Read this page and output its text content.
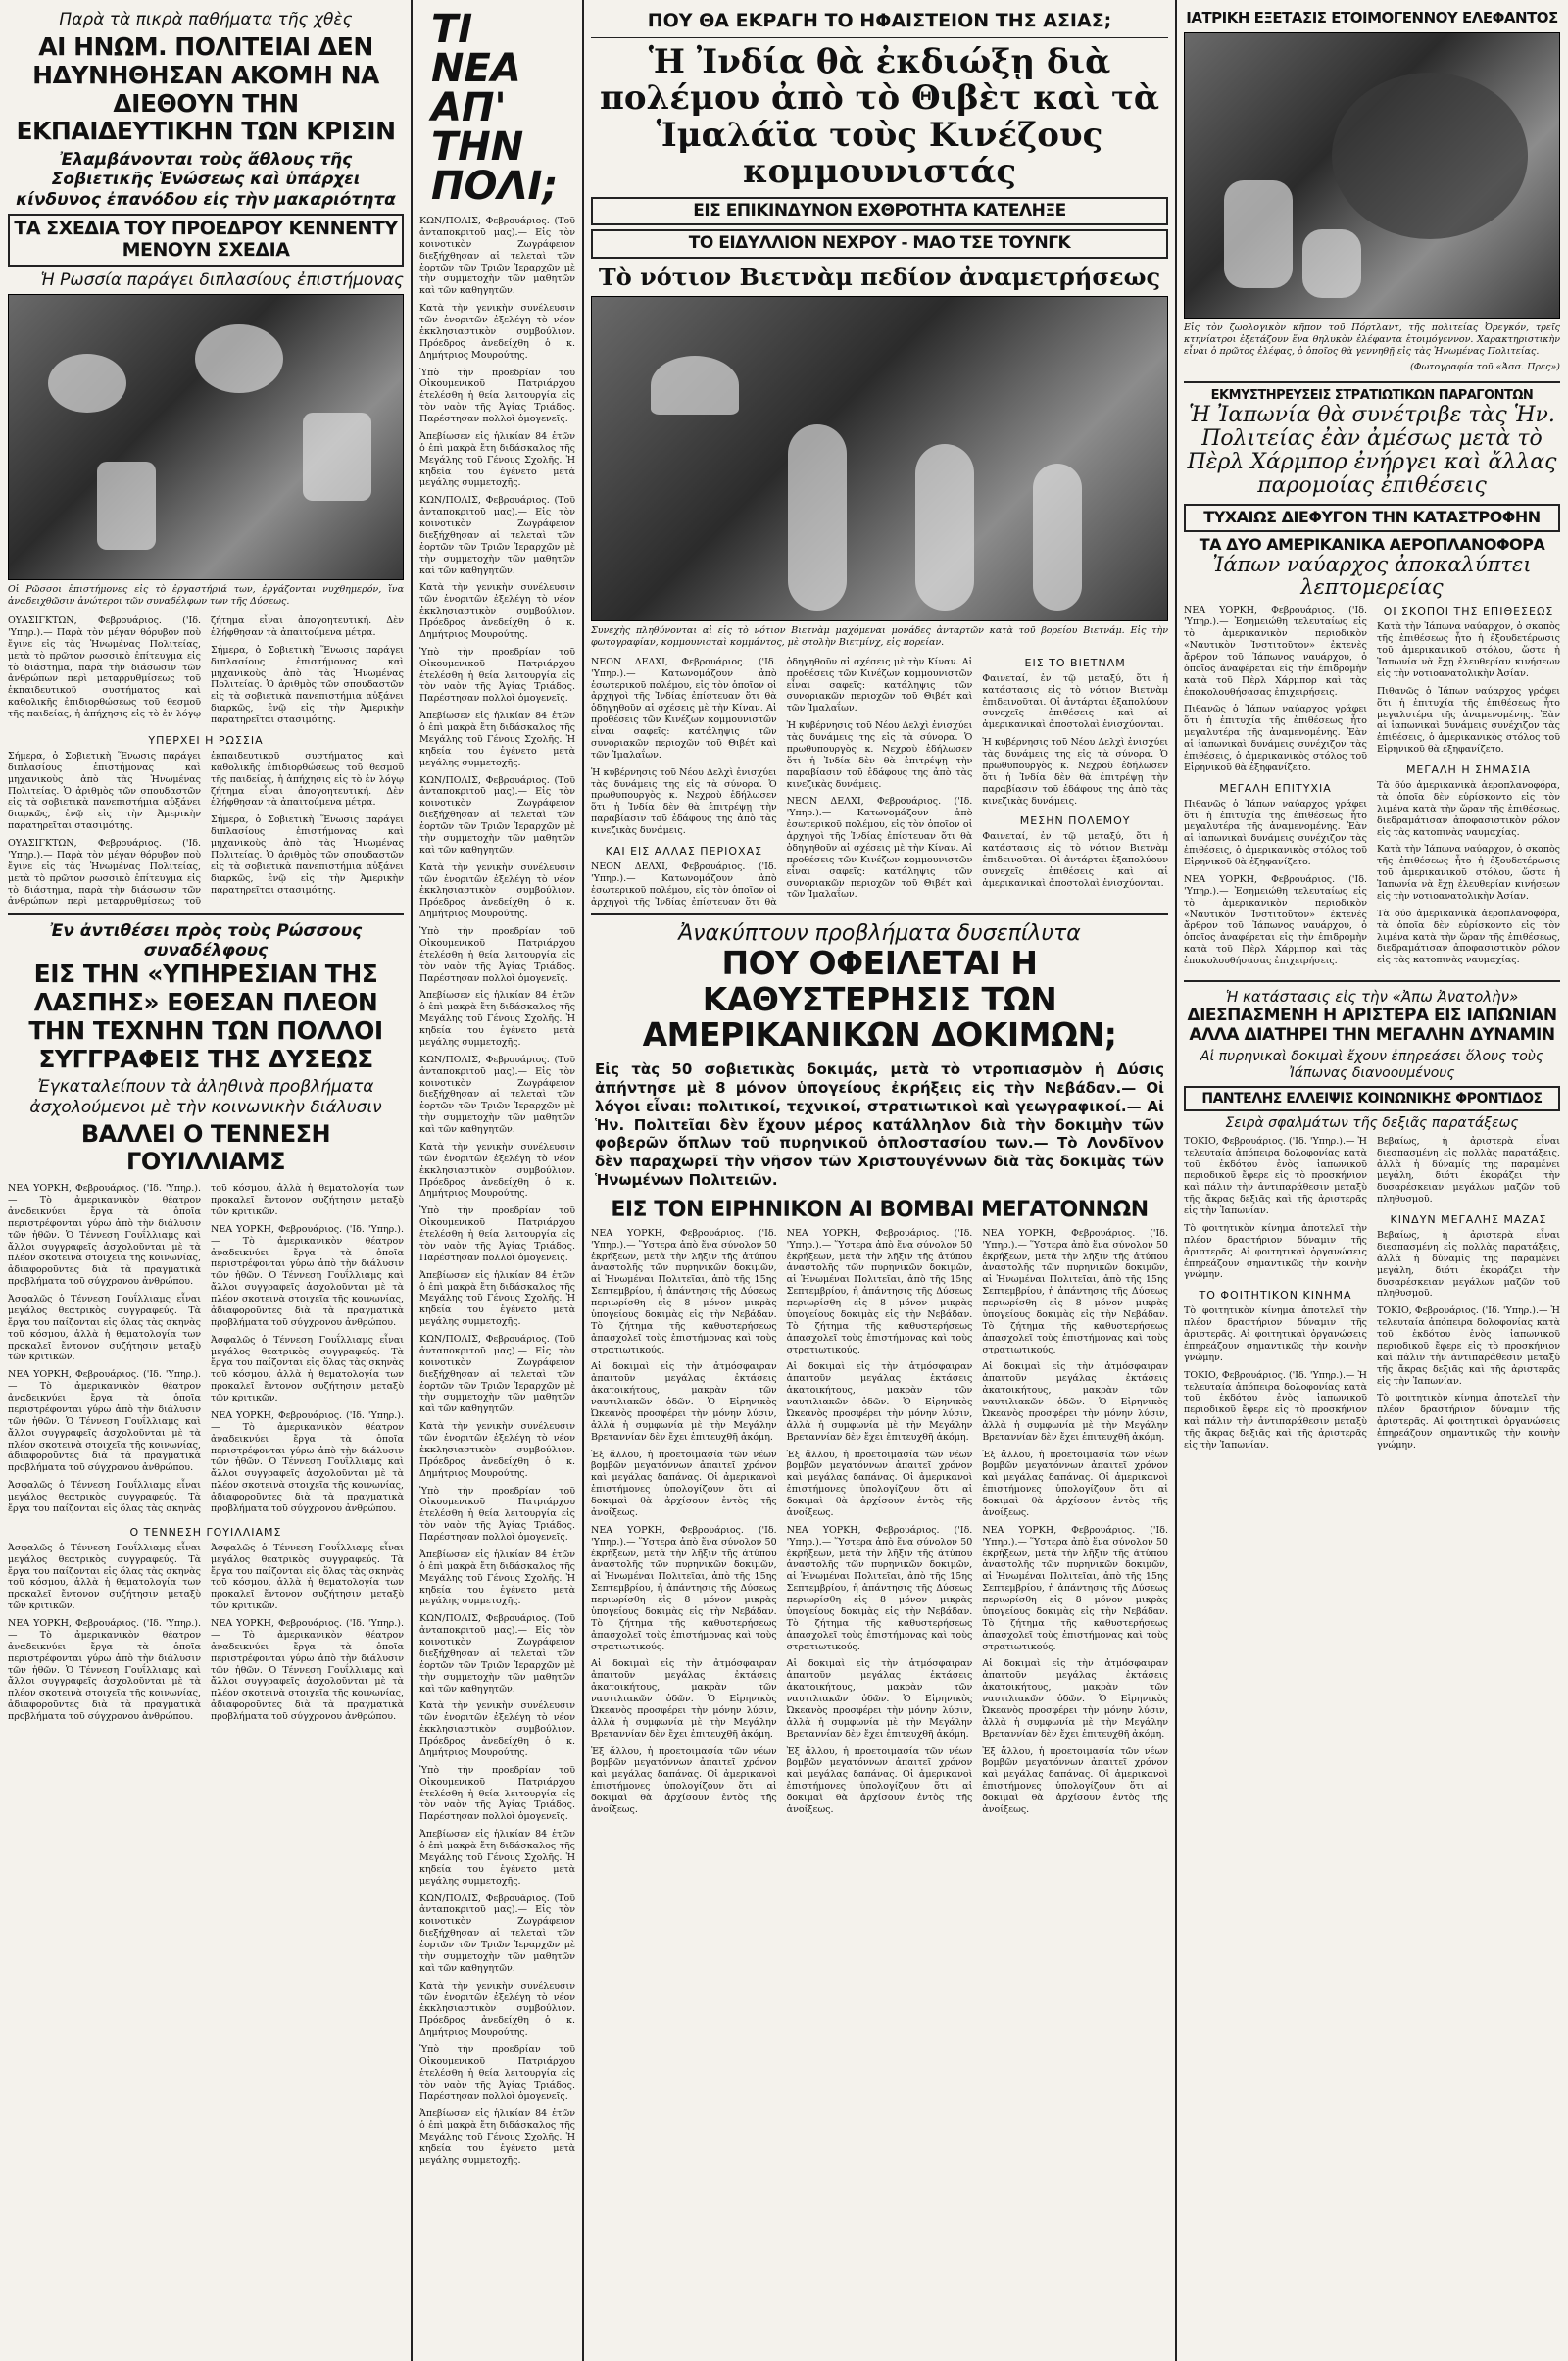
Παρὰ τὰ πικρὰ παθήματα τῆς χθὲς
ΑΙ ΗΝΩΜ. ΠΟΛΙΤΕΙΑΙ ΔΕΝ ΗΔΥΝΗΘΗΣΑΝ ΑΚΟΜΗ ΝΑ ΔΙΕΘΟΥΝ ΤΗΝ ΕΚΠΑΙΔΕΥΤΙΚΗΝ ΤΩΝ ΚΡΙΣΙΝ
Ἐλαμβάνονται τοὺς ἄθλους τῆς Σοβιετικῆς Ἑνώσεως καὶ ὑπάρχει κίνδυνος ἐπανόδου εἰς τὴν μακαριότητα
ΤΑ ΣΧΕΔΙΑ ΤΟΥ ΠΡΟΕΔΡΟΥ ΚΕΝΝΕΝΤΥ ΜΕΝΟΥΝ ΣΧΕΔΙΑ
Ἡ Ρωσσία παράγει διπλασίους ἐπιστήμονας
Οἱ Ρῶσσοι ἐπιστήμονες εἰς τὸ ἐργαστήριά των, ἐργάζονται νυχθημερόν, ἵνα ἀναδειχθῶσιν ἀνώτεροι τῶν συναδέλφων των τῆς Δύσεως.

ΟΥΑΣΙΓΚΤΩΝ, Φεβρουάριος. ('Ιδ. 'Υπηρ.).— Παρὰ τὸν μέγαν θόρυβον ποὺ ἔγινε εἰς τὰς Ἡνωμένας Πολιτείας, μετὰ τὸ πρῶτον ρωσσικὸ ἐπίτευγμα εἰς τὸ διάστημα, παρὰ τὴν διάσωσιν τῶν ἀνθρώπων περὶ μεταρρυθμίσεως τοῦ ἐκπαιδευτικοῦ συστήματος καὶ καθολικῆς ἐπιδιορθώσεως τοῦ θεσμοῦ τῆς παιδείας, ἡ ἀπήχησις εἰς τὸ ἐν λόγῳ ζήτημα εἶναι ἀπογοητευτική. Δὲν ἐλήφθησαν τὰ ἀπαιτούμενα μέτρα.

Σήμερα, ὁ Σοβιετικὴ Ἕνωσις παράγει διπλασίους ἐπιστήμονας καὶ μηχανικοὺς ἀπὸ τὰς Ἡνωμένας Πολιτείας. Ὁ ἀριθμὸς τῶν σπουδαστῶν εἰς τὰ σοβιετικὰ πανεπιστήμια αὐξάνει διαρκῶς, ἐνῷ εἰς τὴν Ἀμερικὴν παρατηρεῖται στασιμότης.

ΥΠΕΡΧΕΙ Η ΡΩΣΣΙΑ

Σήμερα, ὁ Σοβιετικὴ Ἕνωσις παράγει διπλασίους ἐπιστήμονας καὶ μηχανικοὺς ἀπὸ τὰς Ἡνωμένας Πολιτείας. Ὁ ἀριθμὸς τῶν σπουδαστῶν εἰς τὰ σοβιετικὰ πανεπιστήμια αὐξάνει διαρκῶς, ἐνῷ εἰς τὴν Ἀμερικὴν παρατηρεῖται στασιμότης.

ΟΥΑΣΙΓΚΤΩΝ, Φεβρουάριος. ('Ιδ. 'Υπηρ.).— Παρὰ τὸν μέγαν θόρυβον ποὺ ἔγινε εἰς τὰς Ἡνωμένας Πολιτείας, μετὰ τὸ πρῶτον ρωσσικὸ ἐπίτευγμα εἰς τὸ διάστημα, παρὰ τὴν διάσωσιν τῶν ἀνθρώπων περὶ μεταρρυθμίσεως τοῦ ἐκπαιδευτικοῦ συστήματος καὶ καθολικῆς ἐπιδιορθώσεως τοῦ θεσμοῦ τῆς παιδείας, ἡ ἀπήχησις εἰς τὸ ἐν λόγῳ ζήτημα εἶναι ἀπογοητευτική. Δὲν ἐλήφθησαν τὰ ἀπαιτούμενα μέτρα.

Σήμερα, ὁ Σοβιετικὴ Ἕνωσις παράγει διπλασίους ἐπιστήμονας καὶ μηχανικοὺς ἀπὸ τὰς Ἡνωμένας Πολιτείας. Ὁ ἀριθμὸς τῶν σπουδαστῶν εἰς τὰ σοβιετικὰ πανεπιστήμια αὐξάνει διαρκῶς, ἐνῷ εἰς τὴν Ἀμερικὴν παρατηρεῖται στασιμότης.

Ἐν ἀντιθέσει πρὸς τοὺς Ρώσσους συναδέλφους
ΕΙΣ ΤΗΝ «ΥΠΗΡΕΣΙΑΝ ΤΗΣ ΛΑΣΠΗΣ» ΕΘΕΣΑΝ ΠΛΕΟΝ ΤΗΝ ΤΕΧΝΗΝ ΤΩΝ ΠΟΛΛΟΙ ΣΥΓΓΡΑΦΕΙΣ ΤΗΣ ΔΥΣΕΩΣ
Ἐγκαταλείπουν τὰ ἀληθινὰ προβλήματα ἀσχολούμενοι μὲ τὴν κοινωνικὴν διάλυσιν
ΒΑΛΛΕΙ Ο ΤΕΝΝΕΣΗ ΓΟΥΙΛΛΙΑΜΣ

ΝΕΑ ΥΟΡΚΗ, Φεβρουάριος. ('Ιδ. 'Υπηρ.).— Τὸ ἀμερικανικὸν θέατρον ἀναδεικνύει ἔργα τὰ ὁποῖα περιστρέφονται γύρω ἀπὸ τὴν διάλυσιν τῶν ἠθῶν. Ὁ Τέννεση Γουΐλλιαμς καὶ ἄλλοι συγγραφεῖς ἀσχολοῦνται μὲ τὰ πλέον σκοτεινὰ στοιχεῖα τῆς κοινωνίας, ἀδιαφοροῦντες διὰ τὰ πραγματικὰ προβλήματα τοῦ σύγχρονου ἀνθρώπου.

Ἀσφαλῶς ὁ Τέννεση Γουΐλλιαμς εἶναι μεγάλος θεατρικὸς συγγραφεύς. Τὰ ἔργα του παίζονται εἰς ὅλας τὰς σκηνὰς τοῦ κόσμου, ἀλλὰ ἡ θεματολογία των προκαλεῖ ἔντονον συζήτησιν μεταξὺ τῶν κριτικῶν.

ΝΕΑ ΥΟΡΚΗ, Φεβρουάριος. ('Ιδ. 'Υπηρ.).— Τὸ ἀμερικανικὸν θέατρον ἀναδεικνύει ἔργα τὰ ὁποῖα περιστρέφονται γύρω ἀπὸ τὴν διάλυσιν τῶν ἠθῶν. Ὁ Τέννεση Γουΐλλιαμς καὶ ἄλλοι συγγραφεῖς ἀσχολοῦνται μὲ τὰ πλέον σκοτεινὰ στοιχεῖα τῆς κοινωνίας, ἀδιαφοροῦντες διὰ τὰ πραγματικὰ προβλήματα τοῦ σύγχρονου ἀνθρώπου.

Ἀσφαλῶς ὁ Τέννεση Γουΐλλιαμς εἶναι μεγάλος θεατρικὸς συγγραφεύς. Τὰ ἔργα του παίζονται εἰς ὅλας τὰς σκηνὰς τοῦ κόσμου, ἀλλὰ ἡ θεματολογία των προκαλεῖ ἔντονον συζήτησιν μεταξὺ τῶν κριτικῶν.

ΝΕΑ ΥΟΡΚΗ, Φεβρουάριος. ('Ιδ. 'Υπηρ.).— Τὸ ἀμερικανικὸν θέατρον ἀναδεικνύει ἔργα τὰ ὁποῖα περιστρέφονται γύρω ἀπὸ τὴν διάλυσιν τῶν ἠθῶν. Ὁ Τέννεση Γουΐλλιαμς καὶ ἄλλοι συγγραφεῖς ἀσχολοῦνται μὲ τὰ πλέον σκοτεινὰ στοιχεῖα τῆς κοινωνίας, ἀδιαφοροῦντες διὰ τὰ πραγματικὰ προβλήματα τοῦ σύγχρονου ἀνθρώπου.

Ἀσφαλῶς ὁ Τέννεση Γουΐλλιαμς εἶναι μεγάλος θεατρικὸς συγγραφεύς. Τὰ ἔργα του παίζονται εἰς ὅλας τὰς σκηνὰς τοῦ κόσμου, ἀλλὰ ἡ θεματολογία των προκαλεῖ ἔντονον συζήτησιν μεταξὺ τῶν κριτικῶν.

ΝΕΑ ΥΟΡΚΗ, Φεβρουάριος. ('Ιδ. 'Υπηρ.).— Τὸ ἀμερικανικὸν θέατρον ἀναδεικνύει ἔργα τὰ ὁποῖα περιστρέφονται γύρω ἀπὸ τὴν διάλυσιν τῶν ἠθῶν. Ὁ Τέννεση Γουΐλλιαμς καὶ ἄλλοι συγγραφεῖς ἀσχολοῦνται μὲ τὰ πλέον σκοτεινὰ στοιχεῖα τῆς κοινωνίας, ἀδιαφοροῦντες διὰ τὰ πραγματικὰ προβλήματα τοῦ σύγχρονου ἀνθρώπου.

Ο ΤΕΝΝΕΣΗ ΓΟΥΙΛΛΙΑΜΣ

Ἀσφαλῶς ὁ Τέννεση Γουΐλλιαμς εἶναι μεγάλος θεατρικὸς συγγραφεύς. Τὰ ἔργα του παίζονται εἰς ὅλας τὰς σκηνὰς τοῦ κόσμου, ἀλλὰ ἡ θεματολογία των προκαλεῖ ἔντονον συζήτησιν μεταξὺ τῶν κριτικῶν.

ΝΕΑ ΥΟΡΚΗ, Φεβρουάριος. ('Ιδ. 'Υπηρ.).— Τὸ ἀμερικανικὸν θέατρον ἀναδεικνύει ἔργα τὰ ὁποῖα περιστρέφονται γύρω ἀπὸ τὴν διάλυσιν τῶν ἠθῶν. Ὁ Τέννεση Γουΐλλιαμς καὶ ἄλλοι συγγραφεῖς ἀσχολοῦνται μὲ τὰ πλέον σκοτεινὰ στοιχεῖα τῆς κοινωνίας, ἀδιαφοροῦντες διὰ τὰ πραγματικὰ προβλήματα τοῦ σύγχρονου ἀνθρώπου.

Ἀσφαλῶς ὁ Τέννεση Γουΐλλιαμς εἶναι μεγάλος θεατρικὸς συγγραφεύς. Τὰ ἔργα του παίζονται εἰς ὅλας τὰς σκηνὰς τοῦ κόσμου, ἀλλὰ ἡ θεματολογία των προκαλεῖ ἔντονον συζήτησιν μεταξὺ τῶν κριτικῶν.

ΝΕΑ ΥΟΡΚΗ, Φεβρουάριος. ('Ιδ. 'Υπηρ.).— Τὸ ἀμερικανικὸν θέατρον ἀναδεικνύει ἔργα τὰ ὁποῖα περιστρέφονται γύρω ἀπὸ τὴν διάλυσιν τῶν ἠθῶν. Ὁ Τέννεση Γουΐλλιαμς καὶ ἄλλοι συγγραφεῖς ἀσχολοῦνται μὲ τὰ πλέον σκοτεινὰ στοιχεῖα τῆς κοινωνίας, ἀδιαφοροῦντες διὰ τὰ πραγματικὰ προβλήματα τοῦ σύγχρονου ἀνθρώπου.

ΤΙ ΝΕΑ ΑΠ' ΤΗΝ ΠΟΛΙ;

ΚΩΝ/ΠΟΛΙΣ, Φεβρουάριος. (Τοῦ ἀνταποκριτοῦ μας).— Εἰς τὸν κοινοτικὸν Ζωγράφειον διεξήχθησαν αἱ τελεταὶ τῶν ἑορτῶν τῶν Τριῶν Ἱεραρχῶν μὲ τὴν συμμετοχὴν τῶν μαθητῶν καὶ τῶν καθηγητῶν.

Κατὰ τὴν γενικὴν συνέλευσιν τῶν ἑνοριτῶν ἐξελέγη τὸ νέον ἐκκλησιαστικὸν συμβούλιον. Πρόεδρος ἀνεδείχθη ὁ κ. Δημήτριος Μουρούτης.

Ὑπὸ τὴν προεδρίαν τοῦ Οἰκουμενικοῦ Πατριάρχου ἐτελέσθη ἡ θεία λειτουργία εἰς τὸν ναὸν τῆς Ἁγίας Τριάδος. Παρέστησαν πολλοὶ ὁμογενεῖς.

Ἀπεβίωσεν εἰς ἡλικίαν 84 ἐτῶν ὁ ἐπὶ μακρὰ ἔτη διδάσκαλος τῆς Μεγάλης τοῦ Γένους Σχολῆς. Ἡ κηδεία του ἐγένετο μετὰ μεγάλης συμμετοχῆς.

ΚΩΝ/ΠΟΛΙΣ, Φεβρουάριος. (Τοῦ ἀνταποκριτοῦ μας).— Εἰς τὸν κοινοτικὸν Ζωγράφειον διεξήχθησαν αἱ τελεταὶ τῶν ἑορτῶν τῶν Τριῶν Ἱεραρχῶν μὲ τὴν συμμετοχὴν τῶν μαθητῶν καὶ τῶν καθηγητῶν.

Κατὰ τὴν γενικὴν συνέλευσιν τῶν ἑνοριτῶν ἐξελέγη τὸ νέον ἐκκλησιαστικὸν συμβούλιον. Πρόεδρος ἀνεδείχθη ὁ κ. Δημήτριος Μουρούτης.

Ὑπὸ τὴν προεδρίαν τοῦ Οἰκουμενικοῦ Πατριάρχου ἐτελέσθη ἡ θεία λειτουργία εἰς τὸν ναὸν τῆς Ἁγίας Τριάδος. Παρέστησαν πολλοὶ ὁμογενεῖς.

Ἀπεβίωσεν εἰς ἡλικίαν 84 ἐτῶν ὁ ἐπὶ μακρὰ ἔτη διδάσκαλος τῆς Μεγάλης τοῦ Γένους Σχολῆς. Ἡ κηδεία του ἐγένετο μετὰ μεγάλης συμμετοχῆς.

ΚΩΝ/ΠΟΛΙΣ, Φεβρουάριος. (Τοῦ ἀνταποκριτοῦ μας).— Εἰς τὸν κοινοτικὸν Ζωγράφειον διεξήχθησαν αἱ τελεταὶ τῶν ἑορτῶν τῶν Τριῶν Ἱεραρχῶν μὲ τὴν συμμετοχὴν τῶν μαθητῶν καὶ τῶν καθηγητῶν.

Κατὰ τὴν γενικὴν συνέλευσιν τῶν ἑνοριτῶν ἐξελέγη τὸ νέον ἐκκλησιαστικὸν συμβούλιον. Πρόεδρος ἀνεδείχθη ὁ κ. Δημήτριος Μουρούτης.

Ὑπὸ τὴν προεδρίαν τοῦ Οἰκουμενικοῦ Πατριάρχου ἐτελέσθη ἡ θεία λειτουργία εἰς τὸν ναὸν τῆς Ἁγίας Τριάδος. Παρέστησαν πολλοὶ ὁμογενεῖς.

Ἀπεβίωσεν εἰς ἡλικίαν 84 ἐτῶν ὁ ἐπὶ μακρὰ ἔτη διδάσκαλος τῆς Μεγάλης τοῦ Γένους Σχολῆς. Ἡ κηδεία του ἐγένετο μετὰ μεγάλης συμμετοχῆς.

ΚΩΝ/ΠΟΛΙΣ, Φεβρουάριος. (Τοῦ ἀνταποκριτοῦ μας).— Εἰς τὸν κοινοτικὸν Ζωγράφειον διεξήχθησαν αἱ τελεταὶ τῶν ἑορτῶν τῶν Τριῶν Ἱεραρχῶν μὲ τὴν συμμετοχὴν τῶν μαθητῶν καὶ τῶν καθηγητῶν.

Κατὰ τὴν γενικὴν συνέλευσιν τῶν ἑνοριτῶν ἐξελέγη τὸ νέον ἐκκλησιαστικὸν συμβούλιον. Πρόεδρος ἀνεδείχθη ὁ κ. Δημήτριος Μουρούτης.

Ὑπὸ τὴν προεδρίαν τοῦ Οἰκουμενικοῦ Πατριάρχου ἐτελέσθη ἡ θεία λειτουργία εἰς τὸν ναὸν τῆς Ἁγίας Τριάδος. Παρέστησαν πολλοὶ ὁμογενεῖς.

Ἀπεβίωσεν εἰς ἡλικίαν 84 ἐτῶν ὁ ἐπὶ μακρὰ ἔτη διδάσκαλος τῆς Μεγάλης τοῦ Γένους Σχολῆς. Ἡ κηδεία του ἐγένετο μετὰ μεγάλης συμμετοχῆς.

ΚΩΝ/ΠΟΛΙΣ, Φεβρουάριος. (Τοῦ ἀνταποκριτοῦ μας).— Εἰς τὸν κοινοτικὸν Ζωγράφειον διεξήχθησαν αἱ τελεταὶ τῶν ἑορτῶν τῶν Τριῶν Ἱεραρχῶν μὲ τὴν συμμετοχὴν τῶν μαθητῶν καὶ τῶν καθηγητῶν.

Κατὰ τὴν γενικὴν συνέλευσιν τῶν ἑνοριτῶν ἐξελέγη τὸ νέον ἐκκλησιαστικὸν συμβούλιον. Πρόεδρος ἀνεδείχθη ὁ κ. Δημήτριος Μουρούτης.

Ὑπὸ τὴν προεδρίαν τοῦ Οἰκουμενικοῦ Πατριάρχου ἐτελέσθη ἡ θεία λειτουργία εἰς τὸν ναὸν τῆς Ἁγίας Τριάδος. Παρέστησαν πολλοὶ ὁμογενεῖς.

Ἀπεβίωσεν εἰς ἡλικίαν 84 ἐτῶν ὁ ἐπὶ μακρὰ ἔτη διδάσκαλος τῆς Μεγάλης τοῦ Γένους Σχολῆς. Ἡ κηδεία του ἐγένετο μετὰ μεγάλης συμμετοχῆς.

ΚΩΝ/ΠΟΛΙΣ, Φεβρουάριος. (Τοῦ ἀνταποκριτοῦ μας).— Εἰς τὸν κοινοτικὸν Ζωγράφειον διεξήχθησαν αἱ τελεταὶ τῶν ἑορτῶν τῶν Τριῶν Ἱεραρχῶν μὲ τὴν συμμετοχὴν τῶν μαθητῶν καὶ τῶν καθηγητῶν.

Κατὰ τὴν γενικὴν συνέλευσιν τῶν ἑνοριτῶν ἐξελέγη τὸ νέον ἐκκλησιαστικὸν συμβούλιον. Πρόεδρος ἀνεδείχθη ὁ κ. Δημήτριος Μουρούτης.

Ὑπὸ τὴν προεδρίαν τοῦ Οἰκουμενικοῦ Πατριάρχου ἐτελέσθη ἡ θεία λειτουργία εἰς τὸν ναὸν τῆς Ἁγίας Τριάδος. Παρέστησαν πολλοὶ ὁμογενεῖς.

Ἀπεβίωσεν εἰς ἡλικίαν 84 ἐτῶν ὁ ἐπὶ μακρὰ ἔτη διδάσκαλος τῆς Μεγάλης τοῦ Γένους Σχολῆς. Ἡ κηδεία του ἐγένετο μετὰ μεγάλης συμμετοχῆς.

ΚΩΝ/ΠΟΛΙΣ, Φεβρουάριος. (Τοῦ ἀνταποκριτοῦ μας).— Εἰς τὸν κοινοτικὸν Ζωγράφειον διεξήχθησαν αἱ τελεταὶ τῶν ἑορτῶν τῶν Τριῶν Ἱεραρχῶν μὲ τὴν συμμετοχὴν τῶν μαθητῶν καὶ τῶν καθηγητῶν.

Κατὰ τὴν γενικὴν συνέλευσιν τῶν ἑνοριτῶν ἐξελέγη τὸ νέον ἐκκλησιαστικὸν συμβούλιον. Πρόεδρος ἀνεδείχθη ὁ κ. Δημήτριος Μουρούτης.

Ὑπὸ τὴν προεδρίαν τοῦ Οἰκουμενικοῦ Πατριάρχου ἐτελέσθη ἡ θεία λειτουργία εἰς τὸν ναὸν τῆς Ἁγίας Τριάδος. Παρέστησαν πολλοὶ ὁμογενεῖς.

Ἀπεβίωσεν εἰς ἡλικίαν 84 ἐτῶν ὁ ἐπὶ μακρὰ ἔτη διδάσκαλος τῆς Μεγάλης τοῦ Γένους Σχολῆς. Ἡ κηδεία του ἐγένετο μετὰ μεγάλης συμμετοχῆς.

ΠΟΥ ΘΑ ΕΚΡΑΓΗ ΤΟ ΗΦΑΙΣΤΕΙΟΝ ΤΗΣ ΑΣΙΑΣ;
Ἡ Ἰνδία θὰ ἐκδιώξῃ διὰ πολέμου ἀπὸ τὸ Θιβὲτ καὶ τὰ Ἱμαλάϊα τοὺς Κινέζους κομμουνιστάς
ΕΙΣ ΕΠΙΚΙΝΔΥΝΟΝ ΕΧΘΡΟΤΗΤΑ ΚΑΤΕΛΗΞΕ
ΤΟ ΕΙΔΥΛΛΙΟΝ ΝΕΧΡΟΥ - ΜΑΟ ΤΣΕ ΤΟΥΝΓΚ
Τὸ νότιον Βιετνὰμ πεδίον ἀναμετρήσεως
Συνεχὴς πληθύνονται αἱ εἰς τὸ νότιον Βιετνὰμ μαχόμεναι μονάδες ἀνταρτῶν κατὰ τοῦ βορείου Βιετνάμ. Εἰς τὴν φωτογραφίαν, κομμουνισταὶ κομμάντος, μὲ στολὴν Βιετμίνχ, εἰς πορείαν.

ΝΕΟΝ ΔΕΛΧΙ, Φεβρουάριος. ('Ιδ. 'Υπηρ.).— Κατωνομάζουν ἀπὸ ἐσωτερικοῦ πολέμου, εἰς τὸν ὁποῖον οἱ ἀρχηγοὶ τῆς Ἰνδίας ἐπίστευαν ὅτι θὰ ὁδηγηθοῦν αἱ σχέσεις μὲ τὴν Κίναν. Αἱ προθέσεις τῶν Κινέζων κομμουνιστῶν εἶναι σαφεῖς: κατάληψις τῶν συνοριακῶν περιοχῶν τοῦ Θιβέτ καὶ τῶν Ἱμαλαΐων.

Ἡ κυβέρνησις τοῦ Νέου Δελχὶ ἐνισχύει τὰς δυνάμεις της εἰς τὰ σύνορα. Ὁ πρωθυπουργὸς κ. Νεχροὺ ἐδήλωσεν ὅτι ἡ Ἰνδία δὲν θὰ ἐπιτρέψῃ τὴν παραβίασιν τοῦ ἐδάφους της ἀπὸ τὰς κινεζικὰς δυνάμεις.

ΚΑΙ ΕΙΣ ΑΛΛΑΣ ΠΕΡΙΟΧΑΣ

ΝΕΟΝ ΔΕΛΧΙ, Φεβρουάριος. ('Ιδ. 'Υπηρ.).— Κατωνομάζουν ἀπὸ ἐσωτερικοῦ πολέμου, εἰς τὸν ὁποῖον οἱ ἀρχηγοὶ τῆς Ἰνδίας ἐπίστευαν ὅτι θὰ ὁδηγηθοῦν αἱ σχέσεις μὲ τὴν Κίναν. Αἱ προθέσεις τῶν Κινέζων κομμουνιστῶν εἶναι σαφεῖς: κατάληψις τῶν συνοριακῶν περιοχῶν τοῦ Θιβέτ καὶ τῶν Ἱμαλαΐων.

Ἡ κυβέρνησις τοῦ Νέου Δελχὶ ἐνισχύει τὰς δυνάμεις της εἰς τὰ σύνορα. Ὁ πρωθυπουργὸς κ. Νεχροὺ ἐδήλωσεν ὅτι ἡ Ἰνδία δὲν θὰ ἐπιτρέψῃ τὴν παραβίασιν τοῦ ἐδάφους της ἀπὸ τὰς κινεζικὰς δυνάμεις.

ΝΕΟΝ ΔΕΛΧΙ, Φεβρουάριος. ('Ιδ. 'Υπηρ.).— Κατωνομάζουν ἀπὸ ἐσωτερικοῦ πολέμου, εἰς τὸν ὁποῖον οἱ ἀρχηγοὶ τῆς Ἰνδίας ἐπίστευαν ὅτι θὰ ὁδηγηθοῦν αἱ σχέσεις μὲ τὴν Κίναν. Αἱ προθέσεις τῶν Κινέζων κομμουνιστῶν εἶναι σαφεῖς: κατάληψις τῶν συνοριακῶν περιοχῶν τοῦ Θιβέτ καὶ τῶν Ἱμαλαΐων.

ΕΙΣ ΤΟ ΒΙΕΤΝΑΜ

Φαινεταί, ἐν τῷ μεταξύ, ὅτι ἡ κατάστασις εἰς τὸ νότιον Βιετνὰμ ἐπιδεινοῦται. Οἱ ἀντάρται ἐξαπολύουν συνεχεῖς ἐπιθέσεις καὶ αἱ ἀμερικανικαὶ ἀποστολαὶ ἐνισχύονται.

Ἡ κυβέρνησις τοῦ Νέου Δελχὶ ἐνισχύει τὰς δυνάμεις της εἰς τὰ σύνορα. Ὁ πρωθυπουργὸς κ. Νεχροὺ ἐδήλωσεν ὅτι ἡ Ἰνδία δὲν θὰ ἐπιτρέψῃ τὴν παραβίασιν τοῦ ἐδάφους της ἀπὸ τὰς κινεζικὰς δυνάμεις.

ΜΕΣΗΝ ΠΟΛΕΜΟΥ

Φαινεταί, ἐν τῷ μεταξύ, ὅτι ἡ κατάστασις εἰς τὸ νότιον Βιετνὰμ ἐπιδεινοῦται. Οἱ ἀντάρται ἐξαπολύουν συνεχεῖς ἐπιθέσεις καὶ αἱ ἀμερικανικαὶ ἀποστολαὶ ἐνισχύονται.

Ἀνακύπτουν προβλήματα δυσεπίλυτα
ΠΟΥ ΟΦΕΙΛΕΤΑΙ Η ΚΑΘΥΣΤΕΡΗΣΙΣ ΤΩΝ ΑΜΕΡΙΚΑΝΙΚΩΝ ΔΟΚΙΜΩΝ;
Εἰς τὰς 50 σοβιετικὰς δοκιμάς, μετὰ τὸ ντροπιασμὸν ἡ Δύσις ἀπήντησε μὲ 8 μόνον ὑπογείους ἐκρήξεις εἰς τὴν Νεβάδαν.— Οἱ λόγοι εἶναι: πολιτικοί, τεχνικοί, στρατιωτικοὶ καὶ γεωγραφικοί.— Αἱ Ἡν. Πολιτεῖαι δὲν ἔχουν μέρος κατάλληλον διὰ τὴν δοκιμὴν τῶν φοβερῶν ὅπλων τοῦ πυρηνικοῦ ὁπλοστασίου των.— Τὸ Λονδῖνον δὲν παραχωρεῖ τὴν νῆσον τῶν Χριστουγέννων διὰ τὰς δοκιμὰς τῶν Ἡνωμένων Πολιτειῶν.
ΕΙΣ ΤΟΝ ΕΙΡΗΝΙΚΟΝ ΑΙ ΒΟΜΒΑΙ ΜΕΓΑΤΟΝΝΩΝ

ΝΕΑ ΥΟΡΚΗ, Φεβρουάριος. ('Ιδ. 'Υπηρ.).— Ὕστερα ἀπὸ ἕνα σύνολον 50 ἐκρήξεων, μετὰ τὴν λῆξιν τῆς ἀτύπου ἀναστολῆς τῶν πυρηνικῶν δοκιμῶν, αἱ Ἡνωμέναι Πολιτεῖαι, ἀπὸ τῆς 15ης Σεπτεμβρίου, ἡ ἀπάντησις τῆς Δύσεως περιωρίσθη εἰς 8 μόνον μικρὰς ὑπογείους δοκιμὰς εἰς τὴν Νεβάδαν. Τὸ ζήτημα τῆς καθυστερήσεως ἀπασχολεῖ τοὺς ἐπιστήμονας καὶ τοὺς στρατιωτικούς.

Αἱ δοκιμαὶ εἰς τὴν ἀτμόσφαιραν ἀπαιτοῦν μεγάλας ἐκτάσεις ἀκατοικήτους, μακρὰν τῶν ναυτιλιακῶν ὁδῶν. Ὁ Εἰρηνικὸς Ὠκεανὸς προσφέρει τὴν μόνην λύσιν, ἀλλὰ ἡ συμφωνία μὲ τὴν Μεγάλην Βρεταννίαν δὲν ἔχει ἐπιτευχθῆ ἀκόμη.

Ἐξ ἄλλου, ἡ προετοιμασία τῶν νέων βομβῶν μεγατόννων ἀπαιτεῖ χρόνον καὶ μεγάλας δαπάνας. Οἱ ἀμερικανοὶ ἐπιστήμονες ὑπολογίζουν ὅτι αἱ δοκιμαὶ θὰ ἀρχίσουν ἐντὸς τῆς ἀνοίξεως.

ΝΕΑ ΥΟΡΚΗ, Φεβρουάριος. ('Ιδ. 'Υπηρ.).— Ὕστερα ἀπὸ ἕνα σύνολον 50 ἐκρήξεων, μετὰ τὴν λῆξιν τῆς ἀτύπου ἀναστολῆς τῶν πυρηνικῶν δοκιμῶν, αἱ Ἡνωμέναι Πολιτεῖαι, ἀπὸ τῆς 15ης Σεπτεμβρίου, ἡ ἀπάντησις τῆς Δύσεως περιωρίσθη εἰς 8 μόνον μικρὰς ὑπογείους δοκιμὰς εἰς τὴν Νεβάδαν. Τὸ ζήτημα τῆς καθυστερήσεως ἀπασχολεῖ τοὺς ἐπιστήμονας καὶ τοὺς στρατιωτικούς.

Αἱ δοκιμαὶ εἰς τὴν ἀτμόσφαιραν ἀπαιτοῦν μεγάλας ἐκτάσεις ἀκατοικήτους, μακρὰν τῶν ναυτιλιακῶν ὁδῶν. Ὁ Εἰρηνικὸς Ὠκεανὸς προσφέρει τὴν μόνην λύσιν, ἀλλὰ ἡ συμφωνία μὲ τὴν Μεγάλην Βρεταννίαν δὲν ἔχει ἐπιτευχθῆ ἀκόμη.

Ἐξ ἄλλου, ἡ προετοιμασία τῶν νέων βομβῶν μεγατόννων ἀπαιτεῖ χρόνον καὶ μεγάλας δαπάνας. Οἱ ἀμερικανοὶ ἐπιστήμονες ὑπολογίζουν ὅτι αἱ δοκιμαὶ θὰ ἀρχίσουν ἐντὸς τῆς ἀνοίξεως.

ΝΕΑ ΥΟΡΚΗ, Φεβρουάριος. ('Ιδ. 'Υπηρ.).— Ὕστερα ἀπὸ ἕνα σύνολον 50 ἐκρήξεων, μετὰ τὴν λῆξιν τῆς ἀτύπου ἀναστολῆς τῶν πυρηνικῶν δοκιμῶν, αἱ Ἡνωμέναι Πολιτεῖαι, ἀπὸ τῆς 15ης Σεπτεμβρίου, ἡ ἀπάντησις τῆς Δύσεως περιωρίσθη εἰς 8 μόνον μικρὰς ὑπογείους δοκιμὰς εἰς τὴν Νεβάδαν. Τὸ ζήτημα τῆς καθυστερήσεως ἀπασχολεῖ τοὺς ἐπιστήμονας καὶ τοὺς στρατιωτικούς.

Αἱ δοκιμαὶ εἰς τὴν ἀτμόσφαιραν ἀπαιτοῦν μεγάλας ἐκτάσεις ἀκατοικήτους, μακρὰν τῶν ναυτιλιακῶν ὁδῶν. Ὁ Εἰρηνικὸς Ὠκεανὸς προσφέρει τὴν μόνην λύσιν, ἀλλὰ ἡ συμφωνία μὲ τὴν Μεγάλην Βρεταννίαν δὲν ἔχει ἐπιτευχθῆ ἀκόμη.

Ἐξ ἄλλου, ἡ προετοιμασία τῶν νέων βομβῶν μεγατόννων ἀπαιτεῖ χρόνον καὶ μεγάλας δαπάνας. Οἱ ἀμερικανοὶ ἐπιστήμονες ὑπολογίζουν ὅτι αἱ δοκιμαὶ θὰ ἀρχίσουν ἐντὸς τῆς ἀνοίξεως.

ΝΕΑ ΥΟΡΚΗ, Φεβρουάριος. ('Ιδ. 'Υπηρ.).— Ὕστερα ἀπὸ ἕνα σύνολον 50 ἐκρήξεων, μετὰ τὴν λῆξιν τῆς ἀτύπου ἀναστολῆς τῶν πυρηνικῶν δοκιμῶν, αἱ Ἡνωμέναι Πολιτεῖαι, ἀπὸ τῆς 15ης Σεπτεμβρίου, ἡ ἀπάντησις τῆς Δύσεως περιωρίσθη εἰς 8 μόνον μικρὰς ὑπογείους δοκιμὰς εἰς τὴν Νεβάδαν. Τὸ ζήτημα τῆς καθυστερήσεως ἀπασχολεῖ τοὺς ἐπιστήμονας καὶ τοὺς στρατιωτικούς.

Αἱ δοκιμαὶ εἰς τὴν ἀτμόσφαιραν ἀπαιτοῦν μεγάλας ἐκτάσεις ἀκατοικήτους, μακρὰν τῶν ναυτιλιακῶν ὁδῶν. Ὁ Εἰρηνικὸς Ὠκεανὸς προσφέρει τὴν μόνην λύσιν, ἀλλὰ ἡ συμφωνία μὲ τὴν Μεγάλην Βρεταννίαν δὲν ἔχει ἐπιτευχθῆ ἀκόμη.

Ἐξ ἄλλου, ἡ προετοιμασία τῶν νέων βομβῶν μεγατόννων ἀπαιτεῖ χρόνον καὶ μεγάλας δαπάνας. Οἱ ἀμερικανοὶ ἐπιστήμονες ὑπολογίζουν ὅτι αἱ δοκιμαὶ θὰ ἀρχίσουν ἐντὸς τῆς ἀνοίξεως.

ΝΕΑ ΥΟΡΚΗ, Φεβρουάριος. ('Ιδ. 'Υπηρ.).— Ὕστερα ἀπὸ ἕνα σύνολον 50 ἐκρήξεων, μετὰ τὴν λῆξιν τῆς ἀτύπου ἀναστολῆς τῶν πυρηνικῶν δοκιμῶν, αἱ Ἡνωμέναι Πολιτεῖαι, ἀπὸ τῆς 15ης Σεπτεμβρίου, ἡ ἀπάντησις τῆς Δύσεως περιωρίσθη εἰς 8 μόνον μικρὰς ὑπογείους δοκιμὰς εἰς τὴν Νεβάδαν. Τὸ ζήτημα τῆς καθυστερήσεως ἀπασχολεῖ τοὺς ἐπιστήμονας καὶ τοὺς στρατιωτικούς.

Αἱ δοκιμαὶ εἰς τὴν ἀτμόσφαιραν ἀπαιτοῦν μεγάλας ἐκτάσεις ἀκατοικήτους, μακρὰν τῶν ναυτιλιακῶν ὁδῶν. Ὁ Εἰρηνικὸς Ὠκεανὸς προσφέρει τὴν μόνην λύσιν, ἀλλὰ ἡ συμφωνία μὲ τὴν Μεγάλην Βρεταννίαν δὲν ἔχει ἐπιτευχθῆ ἀκόμη.

Ἐξ ἄλλου, ἡ προετοιμασία τῶν νέων βομβῶν μεγατόννων ἀπαιτεῖ χρόνον καὶ μεγάλας δαπάνας. Οἱ ἀμερικανοὶ ἐπιστήμονες ὑπολογίζουν ὅτι αἱ δοκιμαὶ θὰ ἀρχίσουν ἐντὸς τῆς ἀνοίξεως.

ΝΕΑ ΥΟΡΚΗ, Φεβρουάριος. ('Ιδ. 'Υπηρ.).— Ὕστερα ἀπὸ ἕνα σύνολον 50 ἐκρήξεων, μετὰ τὴν λῆξιν τῆς ἀτύπου ἀναστολῆς τῶν πυρηνικῶν δοκιμῶν, αἱ Ἡνωμέναι Πολιτεῖαι, ἀπὸ τῆς 15ης Σεπτεμβρίου, ἡ ἀπάντησις τῆς Δύσεως περιωρίσθη εἰς 8 μόνον μικρὰς ὑπογείους δοκιμὰς εἰς τὴν Νεβάδαν. Τὸ ζήτημα τῆς καθυστερήσεως ἀπασχολεῖ τοὺς ἐπιστήμονας καὶ τοὺς στρατιωτικούς.

Αἱ δοκιμαὶ εἰς τὴν ἀτμόσφαιραν ἀπαιτοῦν μεγάλας ἐκτάσεις ἀκατοικήτους, μακρὰν τῶν ναυτιλιακῶν ὁδῶν. Ὁ Εἰρηνικὸς Ὠκεανὸς προσφέρει τὴν μόνην λύσιν, ἀλλὰ ἡ συμφωνία μὲ τὴν Μεγάλην Βρεταννίαν δὲν ἔχει ἐπιτευχθῆ ἀκόμη.

Ἐξ ἄλλου, ἡ προετοιμασία τῶν νέων βομβῶν μεγατόννων ἀπαιτεῖ χρόνον καὶ μεγάλας δαπάνας. Οἱ ἀμερικανοὶ ἐπιστήμονες ὑπολογίζουν ὅτι αἱ δοκιμαὶ θὰ ἀρχίσουν ἐντὸς τῆς ἀνοίξεως.

ΙΑΤΡΙΚΗ ΕΞΕΤΑΣΙΣ ΕΤΟΙΜΟΓΕΝΝΟΥ ΕΛΕΦΑΝΤΟΣ
Εἰς τὸν ζωολογικὸν κῆπον τοῦ Πόρτλαντ, τῆς πολιτείας Ὀρεγκόν, τρεῖς κτηνίατροι ἐξετάζουν ἕνα θηλυκὸν ἐλέφαντα ἑτοιμόγεννον. Χαρακτηριστικὴν εἶναι ὁ πρῶτος ἐλέφας, ὁ ὁποῖος θὰ γεννηθῇ εἰς τὰς Ἡνωμένας Πολιτείας.
(Φωτογραφία τοῦ «Ἀσσ. Πρες»)
ΕΚΜΥΣΤΗΡΕΥΣΕΙΣ ΣΤΡΑΤΙΩΤΙΚΩΝ ΠΑΡΑΓΟΝΤΩΝ
Ἡ Ἰαπωνία θὰ συνέτριβε τὰς Ἡν. Πολιτείας ἐὰν ἀμέσως μετὰ τὸ Πὲρλ Χάρμπορ ἐνήργει καὶ ἄλλας παρομοίας ἐπιθέσεις
ΤΥΧΑΙΩΣ ΔΙΕΦΥΓΟΝ ΤΗΝ ΚΑΤΑΣΤΡΟΦΗΝ
ΤΑ ΔΥΟ ΑΜΕΡΙΚΑΝΙΚΑ ΑΕΡΟΠΛΑΝΟΦΟΡΑ
Ἰάπων ναύαρχος ἀποκαλύπτει λεπτομερείας

ΝΕΑ ΥΟΡΚΗ, Φεβρουάριος. ('Ιδ. 'Υπηρ.).— Ἐσημειώθη τελευταίως εἰς τὸ ἀμερικανικὸν περιοδικὸν «Ναυτικὸν Ἰνστιτοῦτον» ἐκτενὲς ἄρθρον τοῦ Ἰάπωνος ναυάρχου, ὁ ὁποῖος ἀναφέρεται εἰς τὴν ἐπιδρομὴν κατὰ τοῦ Πὲρλ Χάρμπορ καὶ τὰς ἐπακολουθήσασας ἐπιχειρήσεις.

Πιθανῶς ὁ Ἰάπων ναύαρχος γράφει ὅτι ἡ ἐπιτυχία τῆς ἐπιθέσεως ἦτο μεγαλυτέρα τῆς ἀναμενομένης. Ἐὰν αἱ ἰαπωνικαὶ δυνάμεις συνέχιζον τὰς ἐπιθέσεις, ὁ ἀμερικανικὸς στόλος τοῦ Εἰρηνικοῦ θὰ ἐξηφανίζετο.

ΜΕΓΑΛΗ ΕΠΙΤΥΧΙΑ

Πιθανῶς ὁ Ἰάπων ναύαρχος γράφει ὅτι ἡ ἐπιτυχία τῆς ἐπιθέσεως ἦτο μεγαλυτέρα τῆς ἀναμενομένης. Ἐὰν αἱ ἰαπωνικαὶ δυνάμεις συνέχιζον τὰς ἐπιθέσεις, ὁ ἀμερικανικὸς στόλος τοῦ Εἰρηνικοῦ θὰ ἐξηφανίζετο.

ΝΕΑ ΥΟΡΚΗ, Φεβρουάριος. ('Ιδ. 'Υπηρ.).— Ἐσημειώθη τελευταίως εἰς τὸ ἀμερικανικὸν περιοδικὸν «Ναυτικὸν Ἰνστιτοῦτον» ἐκτενὲς ἄρθρον τοῦ Ἰάπωνος ναυάρχου, ὁ ὁποῖος ἀναφέρεται εἰς τὴν ἐπιδρομὴν κατὰ τοῦ Πὲρλ Χάρμπορ καὶ τὰς ἐπακολουθήσασας ἐπιχειρήσεις.

ΟΙ ΣΚΟΠΟΙ ΤΗΣ ΕΠΙΘΕΣΕΩΣ

Κατὰ τὴν Ἰάπωνα ναύαρχον, ὁ σκοπὸς τῆς ἐπιθέσεως ἦτο ἡ ἐξουδετέρωσις τοῦ ἀμερικανικοῦ στόλου, ὥστε ἡ Ἰαπωνία νὰ ἔχῃ ἐλευθερίαν κινήσεων εἰς τὴν νοτιοανατολικὴν Ἀσίαν.

Πιθανῶς ὁ Ἰάπων ναύαρχος γράφει ὅτι ἡ ἐπιτυχία τῆς ἐπιθέσεως ἦτο μεγαλυτέρα τῆς ἀναμενομένης. Ἐὰν αἱ ἰαπωνικαὶ δυνάμεις συνέχιζον τὰς ἐπιθέσεις, ὁ ἀμερικανικὸς στόλος τοῦ Εἰρηνικοῦ θὰ ἐξηφανίζετο.

ΜΕΓΑΛΗ Η ΣΗΜΑΣΙΑ

Τὰ δύο ἀμερικανικὰ ἀεροπλανοφόρα, τὰ ὁποῖα δὲν εὑρίσκοντο εἰς τὸν λιμένα κατὰ τὴν ὥραν τῆς ἐπιθέσεως, διεδραμάτισαν ἀποφασιστικὸν ρόλον εἰς τὰς κατοπινὰς ναυμαχίας.

Κατὰ τὴν Ἰάπωνα ναύαρχον, ὁ σκοπὸς τῆς ἐπιθέσεως ἦτο ἡ ἐξουδετέρωσις τοῦ ἀμερικανικοῦ στόλου, ὥστε ἡ Ἰαπωνία νὰ ἔχῃ ἐλευθερίαν κινήσεων εἰς τὴν νοτιοανατολικὴν Ἀσίαν.

Τὰ δύο ἀμερικανικὰ ἀεροπλανοφόρα, τὰ ὁποῖα δὲν εὑρίσκοντο εἰς τὸν λιμένα κατὰ τὴν ὥραν τῆς ἐπιθέσεως, διεδραμάτισαν ἀποφασιστικὸν ρόλον εἰς τὰς κατοπινὰς ναυμαχίας.

Ἡ κατάστασις εἰς τὴν «Ἀπω Ἀνατολὴν»
ΔΙΕΣΠΑΣΜΕΝΗ Η ΑΡΙΣΤΕΡΑ ΕΙΣ ΙΑΠΩΝΙΑΝ ΑΛΛΑ ΔΙΑΤΗΡΕΙ ΤΗΝ ΜΕΓΑΛΗΝ ΔΥΝΑΜΙΝ
Αἱ πυρηνικαὶ δοκιμαὶ ἔχουν ἐπηρεάσει ὅλους τοὺς Ἰάπωνας διανοουμένους
ΠΑΝΤΕΛΗΣ ΕΛΛΕΙΨΙΣ ΚΟΙΝΩΝΙΚΗΣ ΦΡΟΝΤΙΔΟΣ
Σειρὰ σφαλμάτων τῆς δεξιᾶς παρατάξεως

ΤΟΚΙΟ, Φεβρουάριος. ('Ιδ. 'Υπηρ.).— Ἡ τελευταία ἀπόπειρα δολοφονίας κατὰ τοῦ ἐκδότου ἑνὸς ἰαπωνικοῦ περιοδικοῦ ἔφερε εἰς τὸ προσκήνιον καὶ πάλιν τὴν ἀντιπαράθεσιν μεταξὺ τῆς ἄκρας δεξιᾶς καὶ τῆς ἀριστερᾶς εἰς τὴν Ἰαπωνίαν.

Τὸ φοιτητικὸν κίνημα ἀποτελεῖ τὴν πλέον δραστήριον δύναμιν τῆς ἀριστερᾶς. Αἱ φοιτητικαὶ ὀργανώσεις ἐπηρεάζουν σημαντικῶς τὴν κοινὴν γνώμην.

ΤΟ ΦΟΙΤΗΤΙΚΟΝ ΚΙΝΗΜΑ

Τὸ φοιτητικὸν κίνημα ἀποτελεῖ τὴν πλέον δραστήριον δύναμιν τῆς ἀριστερᾶς. Αἱ φοιτητικαὶ ὀργανώσεις ἐπηρεάζουν σημαντικῶς τὴν κοινὴν γνώμην.

ΤΟΚΙΟ, Φεβρουάριος. ('Ιδ. 'Υπηρ.).— Ἡ τελευταία ἀπόπειρα δολοφονίας κατὰ τοῦ ἐκδότου ἑνὸς ἰαπωνικοῦ περιοδικοῦ ἔφερε εἰς τὸ προσκήνιον καὶ πάλιν τὴν ἀντιπαράθεσιν μεταξὺ τῆς ἄκρας δεξιᾶς καὶ τῆς ἀριστερᾶς εἰς τὴν Ἰαπωνίαν.

Βεβαίως, ἡ ἀριστερὰ εἶναι διεσπασμένη εἰς πολλὰς παρατάξεις, ἀλλὰ ἡ δύναμίς της παραμένει μεγάλη, διότι ἐκφράζει τὴν δυσαρέσκειαν μεγάλων μαζῶν τοῦ πληθυσμοῦ.

ΚΙΝΔΥΝ ΜΕΓΑΛΗΣ ΜΑΖΑΣ

Βεβαίως, ἡ ἀριστερὰ εἶναι διεσπασμένη εἰς πολλὰς παρατάξεις, ἀλλὰ ἡ δύναμίς της παραμένει μεγάλη, διότι ἐκφράζει τὴν δυσαρέσκειαν μεγάλων μαζῶν τοῦ πληθυσμοῦ.

ΤΟΚΙΟ, Φεβρουάριος. ('Ιδ. 'Υπηρ.).— Ἡ τελευταία ἀπόπειρα δολοφονίας κατὰ τοῦ ἐκδότου ἑνὸς ἰαπωνικοῦ περιοδικοῦ ἔφερε εἰς τὸ προσκήνιον καὶ πάλιν τὴν ἀντιπαράθεσιν μεταξὺ τῆς ἄκρας δεξιᾶς καὶ τῆς ἀριστερᾶς εἰς τὴν Ἰαπωνίαν.

Τὸ φοιτητικὸν κίνημα ἀποτελεῖ τὴν πλέον δραστήριον δύναμιν τῆς ἀριστερᾶς. Αἱ φοιτητικαὶ ὀργανώσεις ἐπηρεάζουν σημαντικῶς τὴν κοινὴν γνώμην.
